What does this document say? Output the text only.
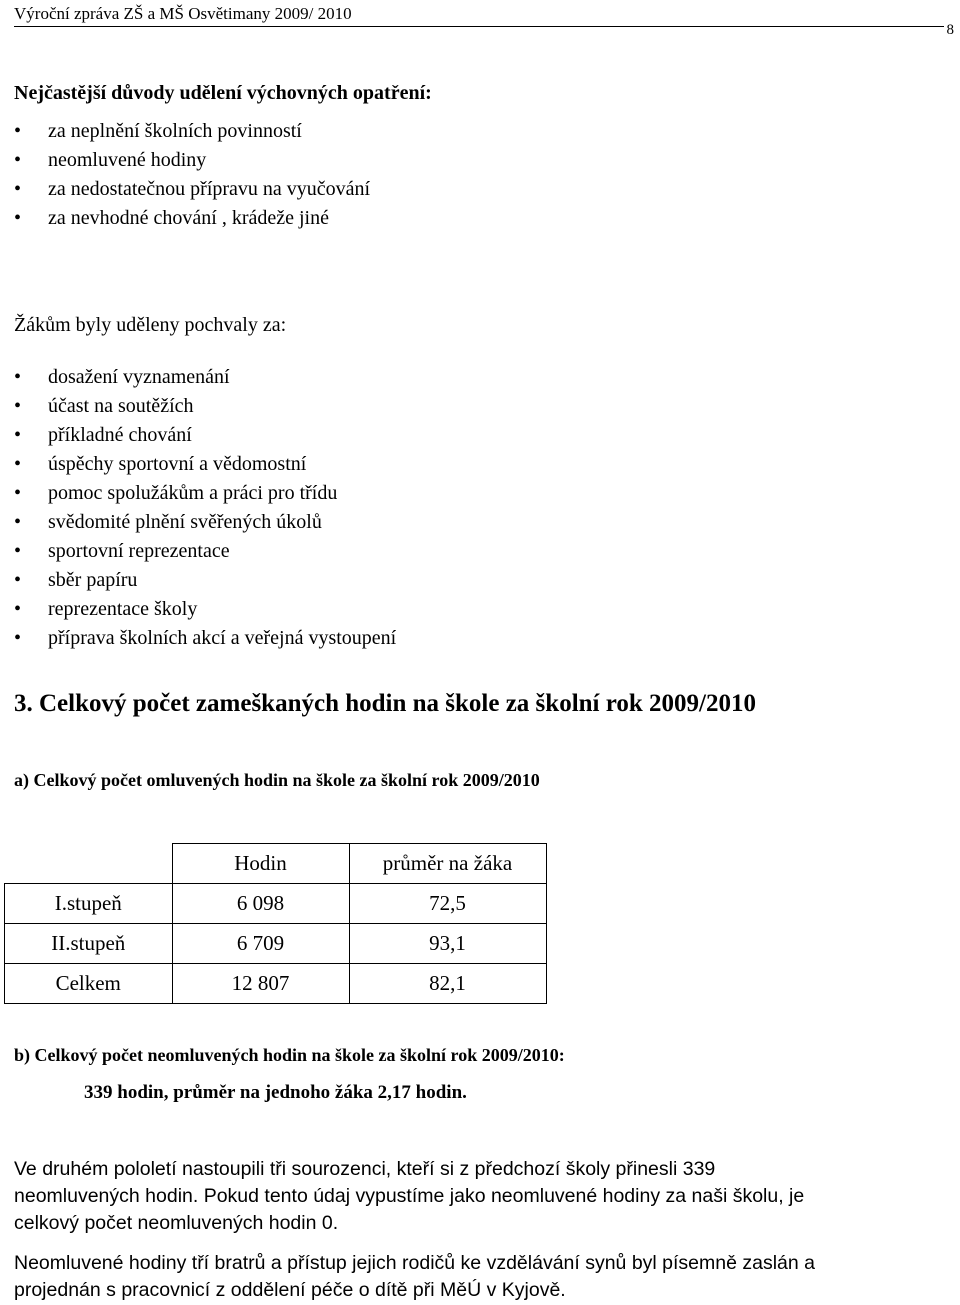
Výroční zpráva ZŠ a MŠ Osvětimany 2009/ 2010
8
Nejčastější důvody udělení výchovných opatření:
• za neplnění školních povinností
• neomluvené hodiny
• za nedostatečnou přípravu na vyučování
• za nevhodné chování , krádeže jiné
Žákům byly uděleny pochvaly za:
• dosažení vyznamenání
• účast na soutěžích
• příkladné chování
• úspěchy sportovní a vědomostní
• pomoc spolužákům a práci pro třídu
• svědomité plnění svěřených úkolů
• sportovní reprezentace
• sběr papíru
• reprezentace školy
• příprava školních akcí a veřejná vystoupení
3. Celkový počet zameškaných hodin na škole za školní rok 2009/2010
a) Celkový počet omluvených hodin na škole za školní rok 2009/2010
	Hodin	průměr na žáka
I.stupeň	6 098	72,5
II.stupeň	6 709	93,1
Celkem	12 807	82,1
b) Celkový počet neomluvených hodin na škole za školní rok 2009/2010:
339 hodin, průměr na jednoho žáka 2,17 hodin.
Ve druhém pololetí nastoupili tři sourozenci, kteří si z předchozí školy přinesli 339
neomluvených hodin. Pokud tento údaj vypustíme jako neomluvené hodiny za naši školu, je
celkový počet neomluvených hodin 0.
Neomluvené hodiny tří bratrů a přístup jejich rodičů ke vzdělávání synů byl písemně zaslán a
projednán s pracovnicí z oddělení péče o dítě při MěÚ v Kyjově.
